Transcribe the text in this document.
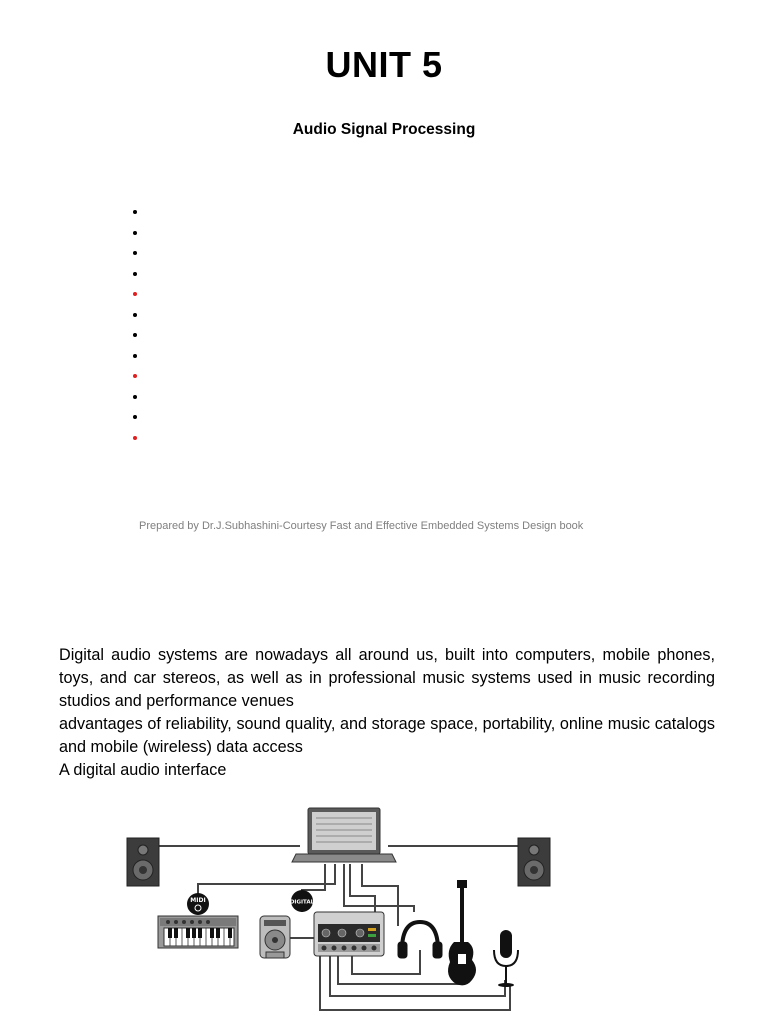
UNIT 5
Audio Signal Processing
Prepared by Dr.J.Subhashini-Courtesy Fast and Effective Embedded Systems Design book

Digital audio systems are nowadays all around us, built into computers, mobile phones, toys, and car stereos, as well as in professional music systems used in music recording studios and performance venues

advantages of reliability, sound quality, and storage space, portability, online music catalogs and mobile (wireless) data access

A digital audio interface

MIDI	DIGITAL
